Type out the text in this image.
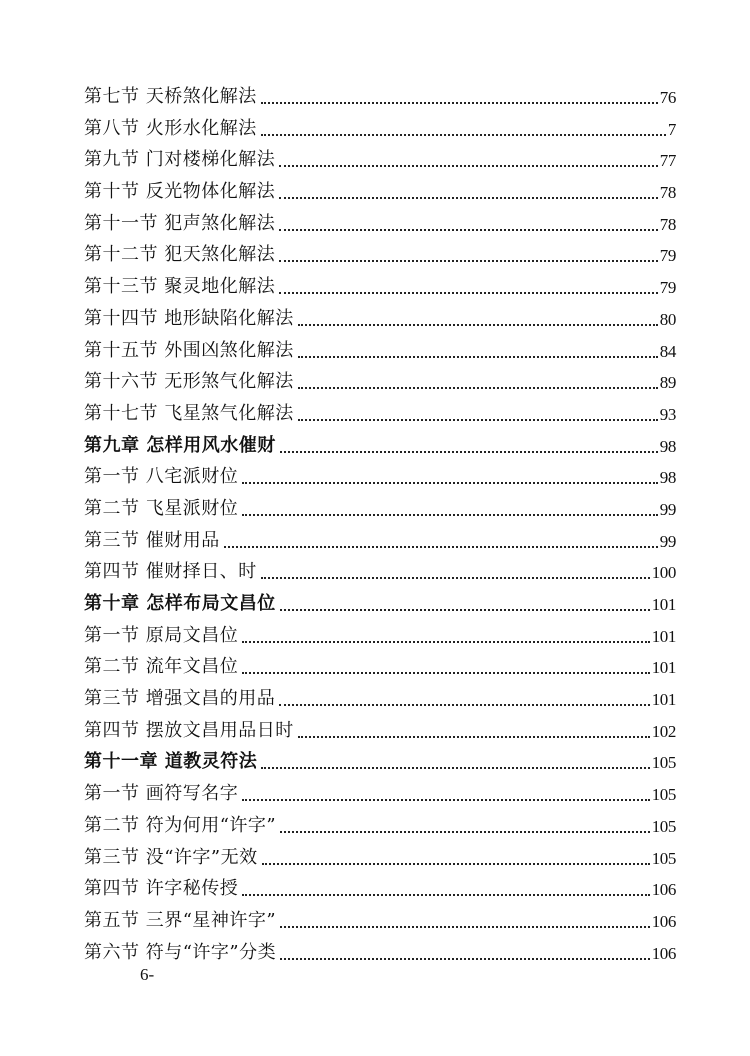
第七节 天桥煞化解法	76
第八节 火形水化解法	7
第九节 门对楼梯化解法	77
第十节 反光物体化解法	78
第十一节 犯声煞化解法	78
第十二节 犯天煞化解法	79
第十三节 聚灵地化解法	79
第十四节 地形缺陷化解法	80
第十五节 外围凶煞化解法	84
第十六节 无形煞气化解法	89
第十七节 飞星煞气化解法	93
第九章 怎样用风水催财	98
第一节 八宅派财位	98
第二节 飞星派财位	99
第三节 催财用品	99
第四节 催财择日、时	100
第十章 怎样布局文昌位	101
第一节 原局文昌位	101
第二节 流年文昌位	101
第三节 增强文昌的用品	101
第四节 摆放文昌用品日时	102
第十一章 道教灵符法	105
第一节 画符写名字	105
第二节 符为何用“许字”	105
第三节 没“许字”无效	105
第四节 许字秘传授	106
第五节 三界“星神许字”	106
第六节 符与“许字”分类	106
6-
